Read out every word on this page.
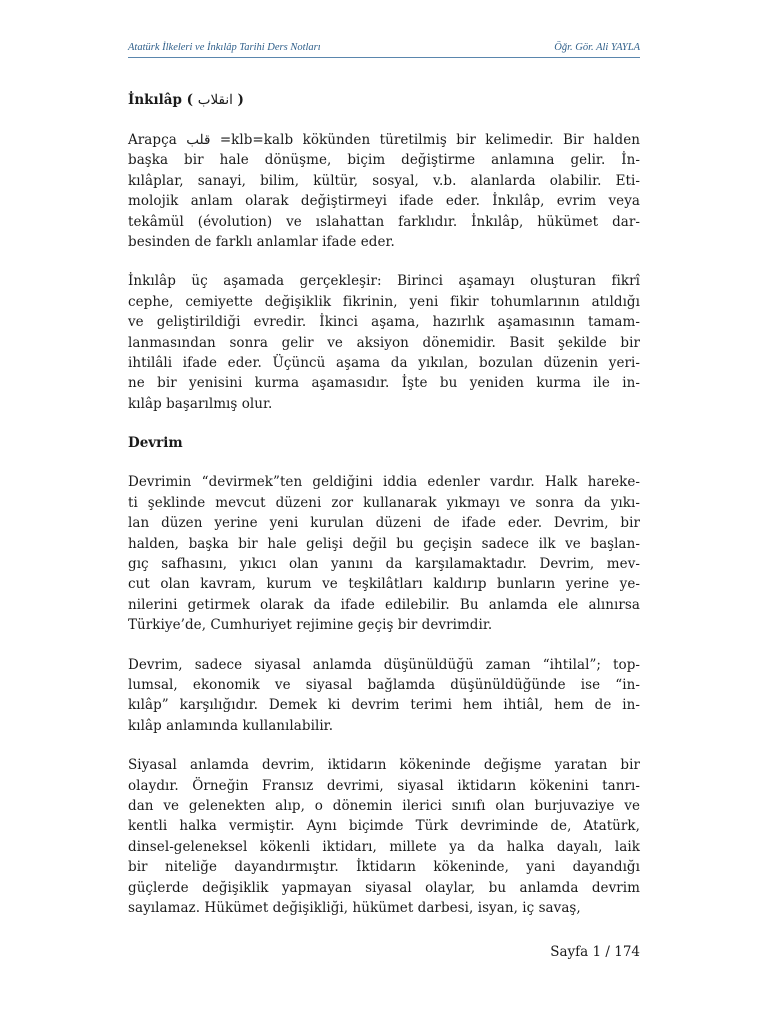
Atatürk İlkeleri ve İnkılâp Tarihi Ders Notları	Öğr. Gör. Ali YAYLA
İnkılâp ( انقلاب )
Arapça قلب =klb=kalb kökünden türetilmiş bir kelimedir. Bir halden
başka bir hale dönüşme, biçim değiştirme anlamına gelir. İn-
kılâplar, sanayi, bilim, kültür, sosyal, v.b. alanlarda olabilir. Eti-
molojik anlam olarak değiştirmeyi ifade eder. İnkılâp, evrim veya
tekâmül (évolution) ve ıslahattan farklıdır. İnkılâp, hükümet dar-
besinden de farklı anlamlar ifade eder.
İnkılâp üç aşamada gerçekleşir: Birinci aşamayı oluşturan fikrî
cephe, cemiyette değişiklik fikrinin, yeni fikir tohumlarının atıldığı
ve geliştirildiği evredir. İkinci aşama, hazırlık aşamasının tamam-
lanmasından sonra gelir ve aksiyon dönemidir. Basit şekilde bir
ihtilâli ifade eder. Üçüncü aşama da yıkılan, bozulan düzenin yeri-
ne bir yenisini kurma aşamasıdır. İşte bu yeniden kurma ile in-
kılâp başarılmış olur.
Devrim
Devrimin “devirmek”ten geldiğini iddia edenler vardır. Halk hareke-
ti şeklinde mevcut düzeni zor kullanarak yıkmayı ve sonra da yıkı-
lan düzen yerine yeni kurulan düzeni de ifade eder. Devrim, bir
halden, başka bir hale gelişi değil bu geçişin sadece ilk ve başlan-
gıç safhasını, yıkıcı olan yanını da karşılamaktadır. Devrim, mev-
cut olan kavram, kurum ve teşkilâtları kaldırıp bunların yerine ye-
nilerini getirmek olarak da ifade edilebilir. Bu anlamda ele alınırsa
Türkiye’de, Cumhuriyet rejimine geçiş bir devrimdir.
Devrim, sadece siyasal anlamda düşünüldüğü zaman “ihtilal”; top-
lumsal, ekonomik ve siyasal bağlamda düşünüldüğünde ise “in-
kılâp” karşılığıdır. Demek ki devrim terimi hem ihtiâl, hem de in-
kılâp anlamında kullanılabilir.
Siyasal anlamda devrim, iktidarın kökeninde değişme yaratan bir
olaydır. Örneğin Fransız devrimi, siyasal iktidarın kökenini tanrı-
dan ve gelenekten alıp, o dönemin ilerici sınıfı olan burjuvaziye ve
kentli halka vermiştir. Aynı biçimde Türk devriminde de, Atatürk,
dinsel-geleneksel kökenli iktidarı, millete ya da halka dayalı, laik
bir niteliğe dayandırmıştır. İktidarın kökeninde, yani dayandığı
güçlerde değişiklik yapmayan siyasal olaylar, bu anlamda devrim
sayılamaz. Hükümet değişikliği, hükümet darbesi, isyan, iç savaş,
Sayfa 1 / 174
